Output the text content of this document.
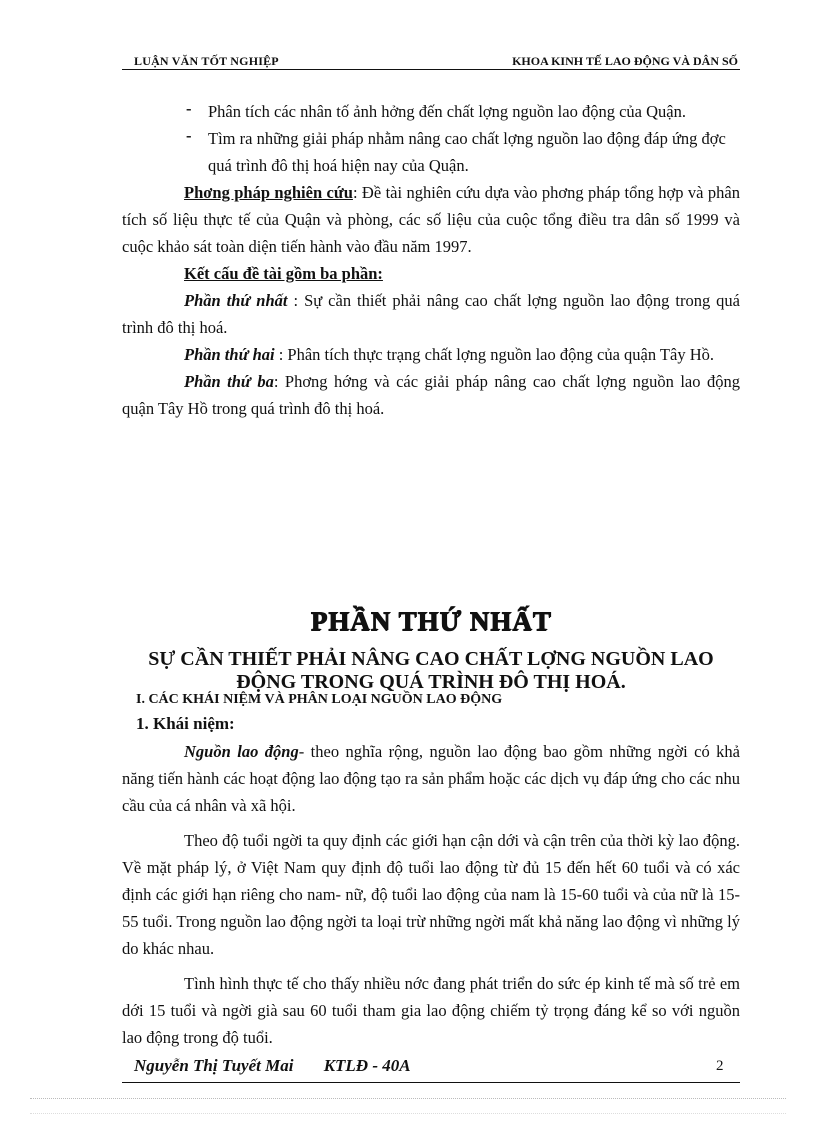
LUẬN VĂN TỐT NGHIỆP	KHOA KINH TẾ LAO ĐỘNG VÀ DÂN SỐ
- Phân tích các nhân tố ảnh hởng đến chất lợng nguồn lao động của Quận.
- Tìm ra những giải pháp nhằm nâng cao chất lợng nguồn lao động đáp ứng đợc quá trình đô thị hoá hiện nay của Quận.

Phơng pháp nghiên cứu: Đề tài nghiên cứu dựa vào phơng pháp tổng hợp và phân tích số liệu thực tế của Quận và phòng, các số liệu của cuộc tổng điều tra dân số 1999 và cuộc khảo sát toàn diện tiến hành vào đầu năm 1997.

Kết cấu đề tài gồm ba phần:

Phần thứ nhất : Sự cần thiết phải nâng cao chất lợng nguồn lao động trong quá trình đô thị hoá.

Phần thứ hai : Phân tích thực trạng chất lợng nguồn lao động của quận Tây Hồ.

Phần thứ ba: Phơng hớng và các giải pháp nâng cao chất lợng nguồn lao động quận Tây Hồ trong quá trình đô thị hoá.

PHẦN THỨ NHẤT
SỰ CẦN THIẾT PHẢI NÂNG CAO CHẤT LỢNG NGUỒN LAO ĐỘNG TRONG QUÁ TRÌNH ĐÔ THỊ HOÁ.
I. CÁC KHÁI NIỆM VÀ PHÂN LOẠI NGUỒN LAO ĐỘNG
1. Khái niệm:

Nguồn lao động- theo nghĩa rộng, nguồn lao động bao gồm những ngời có khả năng tiến hành các hoạt động lao động tạo ra sản phẩm hoặc các dịch vụ đáp ứng cho các nhu cầu của cá nhân và xã hội.

Theo độ tuổi ngời ta quy định các giới hạn cận dới và cận trên của thời kỳ lao động. Về mặt pháp lý, ở Việt Nam quy định độ tuổi lao động từ đủ 15 đến hết 60 tuổi và có xác định các giới hạn riêng cho nam- nữ, độ tuổi lao động của nam là 15-60 tuổi và của nữ là 15-55 tuổi. Trong nguồn lao động ngời ta loại trừ những ngời mất khả năng lao động vì những lý do khác nhau.

Tình hình thực tế cho thấy nhiều nớc đang phát triển do sức ép kinh tế mà số trẻ em dới 15 tuổi và ngời già sau 60 tuổi tham gia lao động chiếm tỷ trọng đáng kể so với nguồn lao động trong độ tuổi.

Nguyễn Thị Tuyết Mai KTLĐ - 40A	2
